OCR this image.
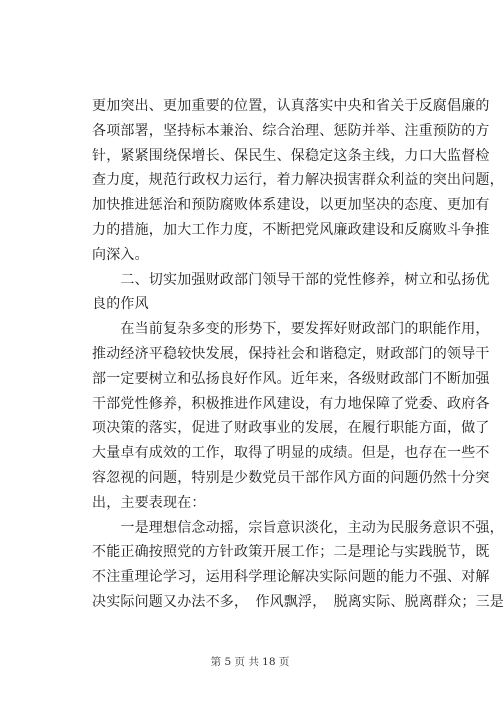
更加突出、更加重要的位置，认真落实中央和省关于反腐倡廉的
各项部署，坚持标本兼治、综合治理、惩防并举、注重预防的方
针，紧紧围绕保增长、保民生、保稳定这条主线，力口大监督检
查力度，规范行政权力运行，着力解决损害群众利益的突出问题，
加快推进惩治和预防腐败体系建设，以更加坚决的态度、更加有
力的措施，加大工作力度，不断把党风廉政建设和反腐败斗争推
向深入。
　　二、切实加强财政部门领导干部的党性修养，树立和弘扬优
良的作风
　　在当前复杂多变的形势下，要发挥好财政部门的职能作用，
推动经济平稳较快发展，保持社会和谐稳定，财政部门的领导干
部一定要树立和弘扬良好作风。近年来，各级财政部门不断加强
干部党性修养，积极推进作风建设，有力地保障了党委、政府各
项决策的落实，促进了财政事业的发展，在履行职能方面，做了
大量卓有成效的工作，取得了明显的成绩。但是，也存在一些不
容忽视的问题，特别是少数党员干部作风方面的问题仍然十分突
出，主要表现在：
　　一是理想信念动摇，宗旨意识淡化，主动为民服务意识不强，
不能正确按照党的方针政策开展工作；二是理论与实践脱节，既
不注重理论学习，运用科学理论解决实际问题的能力不强、对解
决实际问题又办法不多，　作风飘浮，　脱离实际、脱离群众；三是
第 5 页 共 18 页
